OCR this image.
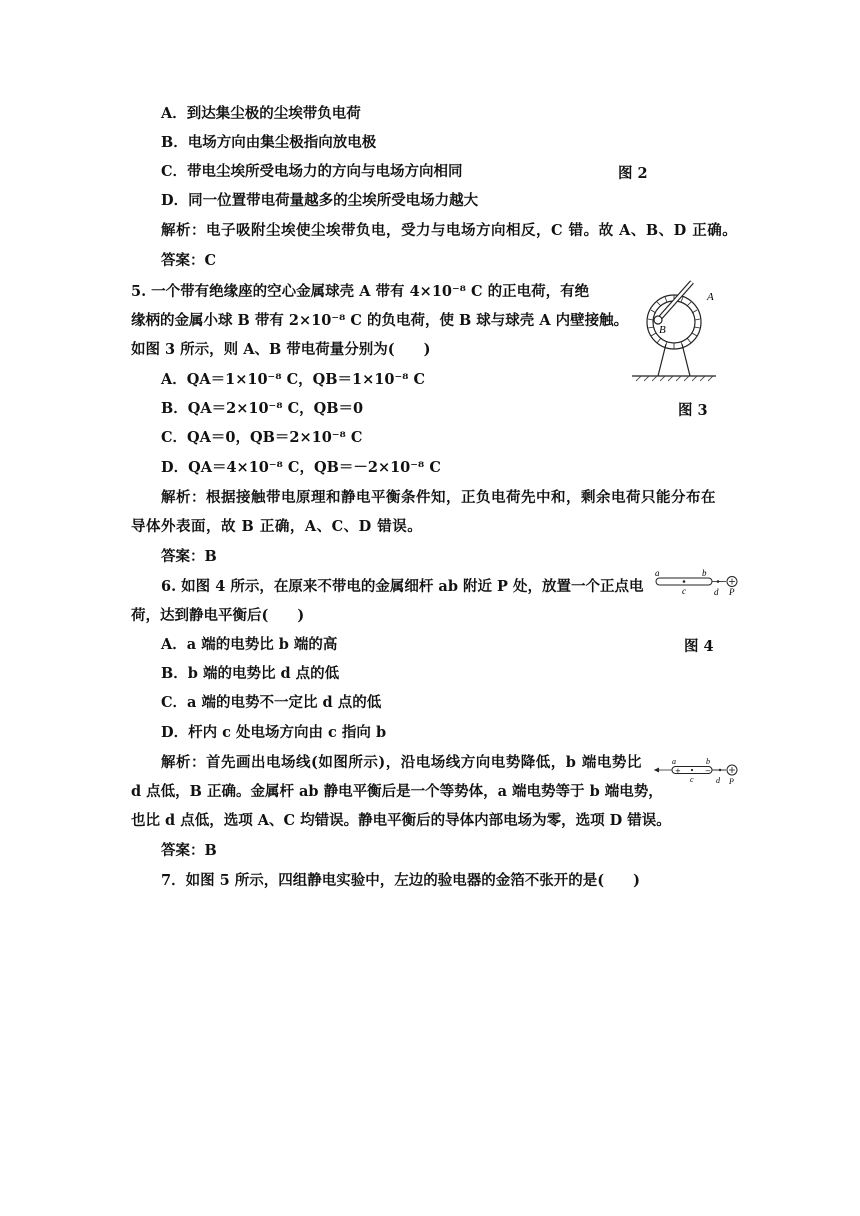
A．到达集尘极的尘埃带负电荷
B．电场方向由集尘极指向放电极
C．带电尘埃所受电场力的方向与电场方向相同	图 2
D．同一位置带电荷量越多的尘埃所受电场力越大
解析：电子吸附尘埃使尘埃带负电，受力与电场方向相反，C 错。故 A、B、D 正确。
答案：C
5. 一个带有绝缘座的空心金属球壳 A 带有 4×10⁻⁸ C 的正电荷，有绝
缘柄的金属小球 B 带有 2×10⁻⁸ C 的负电荷，使 B 球与球壳 A 内壁接触。
如图 3 所示，则 A、B 带电荷量分别为(　　)
A．QA＝1×10⁻⁸ C，QB＝1×10⁻⁸ C
B．QA＝2×10⁻⁸ C，QB＝0
C．QA＝0，QB＝2×10⁻⁸ C
D．QA＝4×10⁻⁸ C，QB＝－2×10⁻⁸ C
图 3
A
B
解析：根据接触带电原理和静电平衡条件知，正负电荷先中和，剩余电荷只能分布在
导体外表面，故 B 正确，A、C、D 错误。
答案：B
6. 如图 4 所示，在原来不带电的金属细杆 ab 附近 P 处，放置一个正点电
荷，达到静电平衡后(　　)
a	b
c	d P
A．a 端的电势比 b 端的高	图 4
B．b 端的电势比 d 点的低
C．a 端的电势不一定比 d 点的低
D．杆内 c 处电场方向由 c 指向 b
解析：首先画出电场线(如图所示)，沿电场线方向电势降低，b 端电势比	+	−
a	b
c	d P
d 点低，B 正确。金属杆 ab 静电平衡后是一个等势体，a 端电势等于 b 端电势，
也比 d 点低，选项 A、C 均错误。静电平衡后的导体内部电场为零，选项 D 错误。
答案：B
7．如图 5 所示，四组静电实验中，左边的验电器的金箔不张开的是(　　)
